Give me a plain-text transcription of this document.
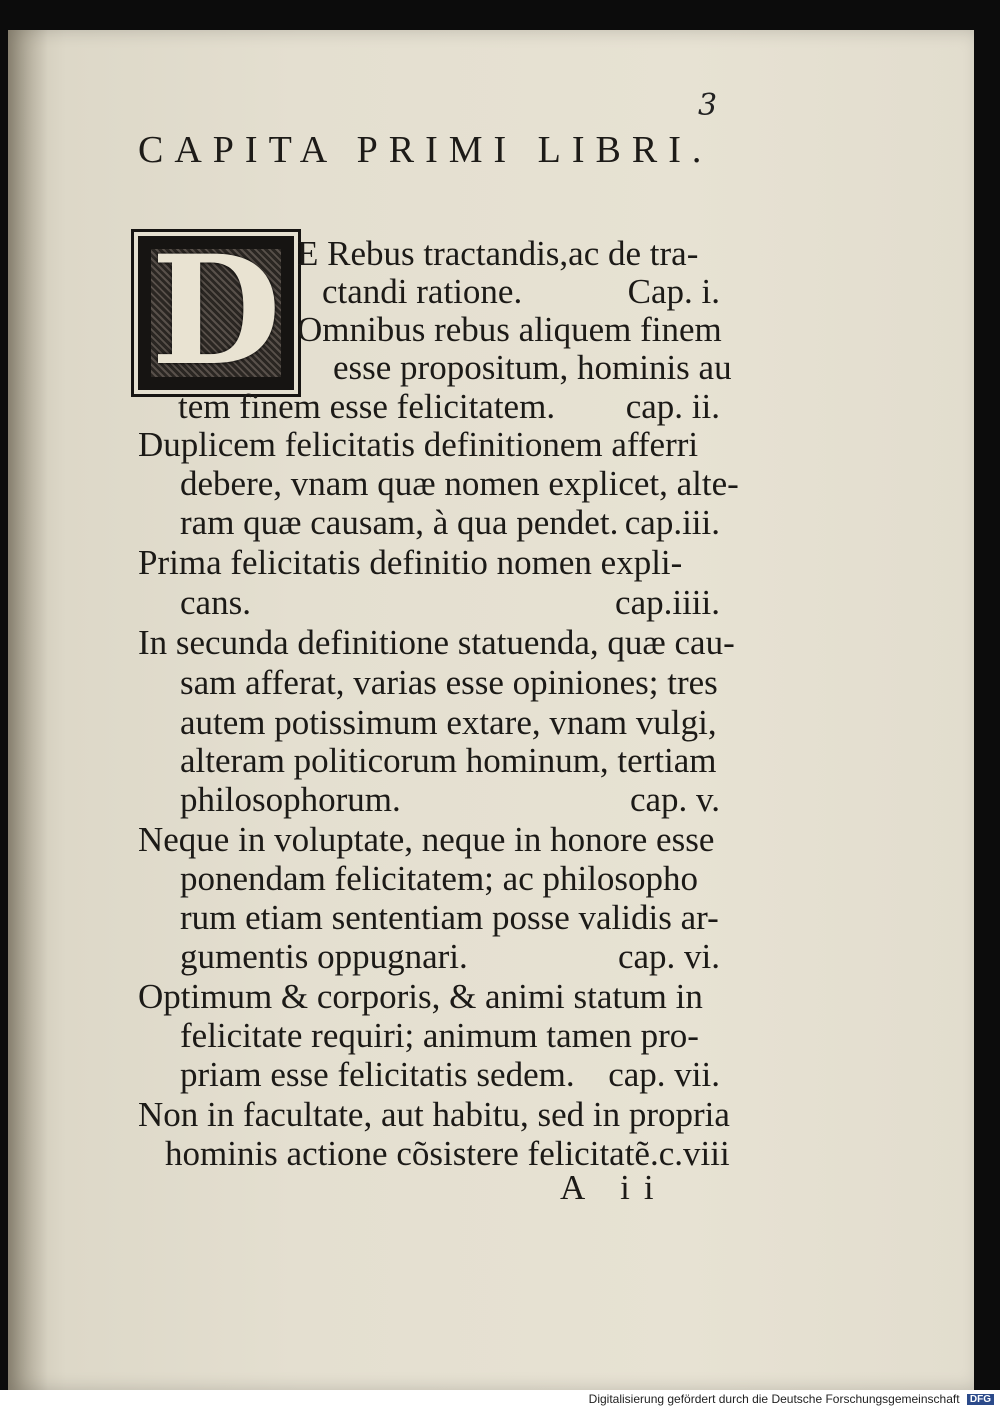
3
CAPITA PRIMI LIBRI.
D E Rebus tractandis,ac de tra-
ctandi ratione.	Cap. i.
Omnibus rebus aliquem finem
esse propositum, hominis au
tem finem esse felicitatem. cap. ii.
Duplicem felicitatis definitionem afferri
debere, vnam quæ nomen explicet, alte-
ram quæ causam, à qua pendet. cap.iii.
Prima felicitatis definitio nomen expli-
cans.	cap.iiii.
In secunda definitione statuenda, quæ cau-
sam afferat, varias esse opiniones; tres
autem potissimum extare, vnam vulgi,
alteram politicorum hominum, tertiam
philosophorum.	cap. v.
Neque in voluptate, neque in honore esse
ponendam felicitatem; ac philosopho
rum etiam sententiam posse validis ar-
gumentis oppugnari.	cap. vi.
Optimum & corporis, & animi statum in
felicitate requiri; animum tamen pro-
priam esse felicitatis sedem. cap. vii.
Non in facultate, aut habitu, sed in propria
hominis actione cõsistere felicitatẽ.c.viii
A ii
Digitalisierung gefördert durch die Deutsche Forschungsgemeinschaft DFG
